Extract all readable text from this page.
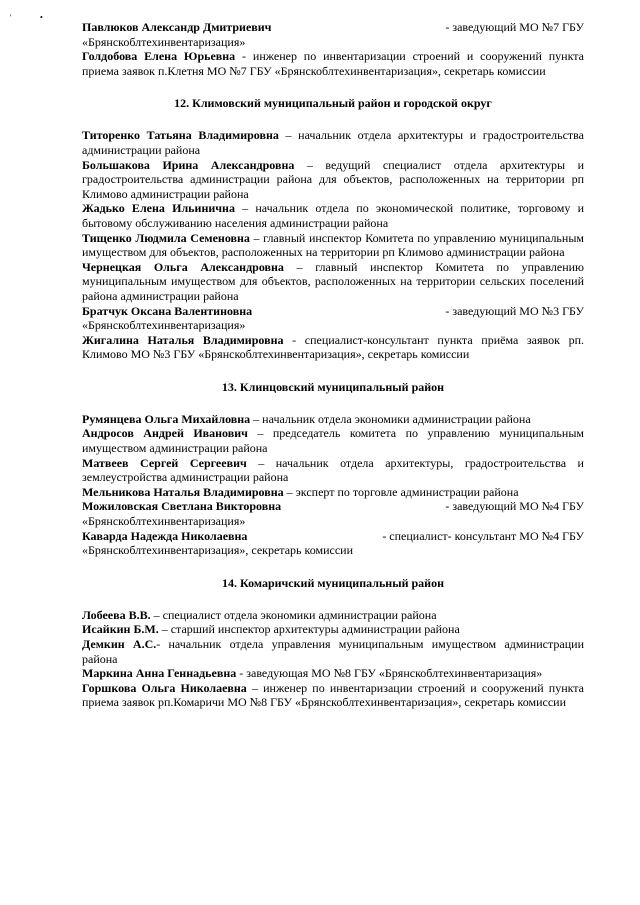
'	•
Павлюков Александр Дмитриевич	- заведующий МО №7 ГБУ

«Брянскоблтехинвентаризация»

Голдобова Елена Юрьевна - инженер по инвентаризации строений и сооружений пункта приема заявок п.Клетня МО №7 ГБУ «Брянскоблтехинвентаризация», секретарь комиссии

12. Климовский муниципальный район и городской округ

Титоренко Татьяна Владимировна – начальник отдела архитектуры и градостроительства администрации района

Большакова Ирина Александровна – ведущий специалист отдела архитектуры и градостроительства администрации района для объектов, расположенных на территории рп Климово администрации района

Жадько Елена Ильинична – начальник отдела по экономической политике, торговому и бытовому обслуживанию населения администрации района

Тищенко Людмила Семеновна – главный инспектор Комитета по управлению муниципальным имуществом для объектов, расположенных на территории рп Климово администрации района

Чернецкая Ольга Александровна – главный инспектор Комитета по управлению муниципальным имуществом для объектов, расположенных на территории сельских поселений района администрации района

Братчук Оксана Валентиновна	- заведующий МО №3 ГБУ

«Брянскоблтехинвентаризация»

Жигалина Наталья Владимировна - специалист-консультант пункта приёма заявок рп. Климово МО №3 ГБУ «Брянскоблтехинвентаризация», секретарь комиссии

13. Клинцовский муниципальный район

Румянцева Ольга Михайловна – начальник отдела экономики администрации района

Андросов Андрей Иванович – председатель комитета по управлению муниципальным имуществом администрации района

Матвеев Сергей Сергеевич – начальник отдела архитектуры, градостроительства и землеустройства администрации района

Мельникова Наталья Владимировна – эксперт по торговле администрации района

Можиловская Светлана Викторовна	- заведующий МО №4 ГБУ

«Брянскоблтехинвентаризация»

Каварда Надежда Николаевна	- специалист- консультант МО №4 ГБУ

«Брянскоблтехинвентаризация», секретарь комиссии

14. Комаричский муниципальный район

Лобеева В.В. – специалист отдела экономики администрации района

Исайкин Б.М. – старший инспектор архитектуры администрации района

Демкин А.С.- начальник отдела управления муниципальным имуществом администрации района

Маркина Анна Геннадьевна - заведующая МО №8 ГБУ «Брянскоблтехинвентаризация»

Горшкова Ольга Николаевна – инженер по инвентаризации строений и сооружений пункта приема заявок рп.Комаричи МО №8 ГБУ «Брянскоблтехинвентаризация», секретарь комиссии
